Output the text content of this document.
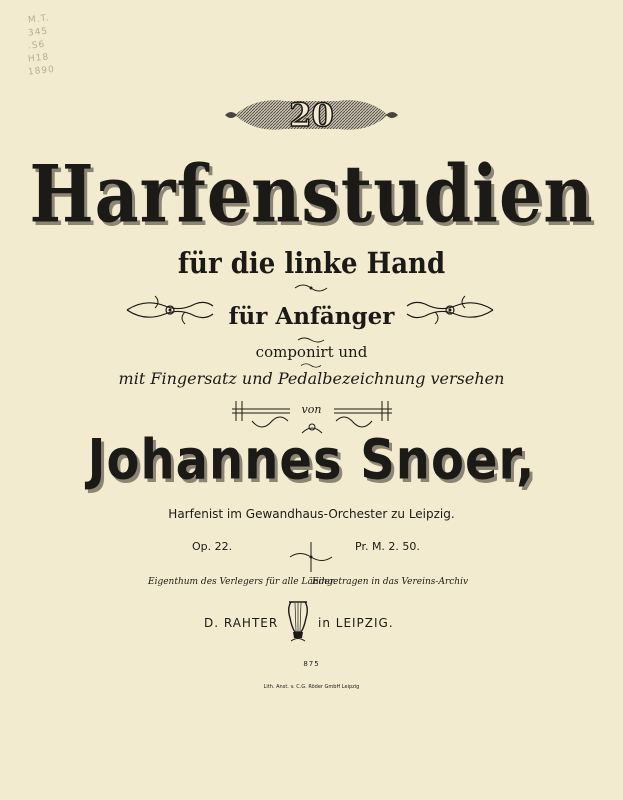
M.T.
345
.S6
H18
1890
20
Harfenstudien
für die linke Hand
für Anfänger
componirt und
mit Fingersatz und Pedalbezeichnung versehen
von
Johannes Snoer,
Harfenist im Gewandhaus-Orchester zu Leipzig.
Op. 22.	Pr. M. 2. 50.
Eigenthum des Verlegers für alle Länder.
Eingetragen in das Vereins-Archiv
D. RAHTER	in LEIPZIG.
875
Lith. Anst. v. C.G. Röder GmbH Leipzig
